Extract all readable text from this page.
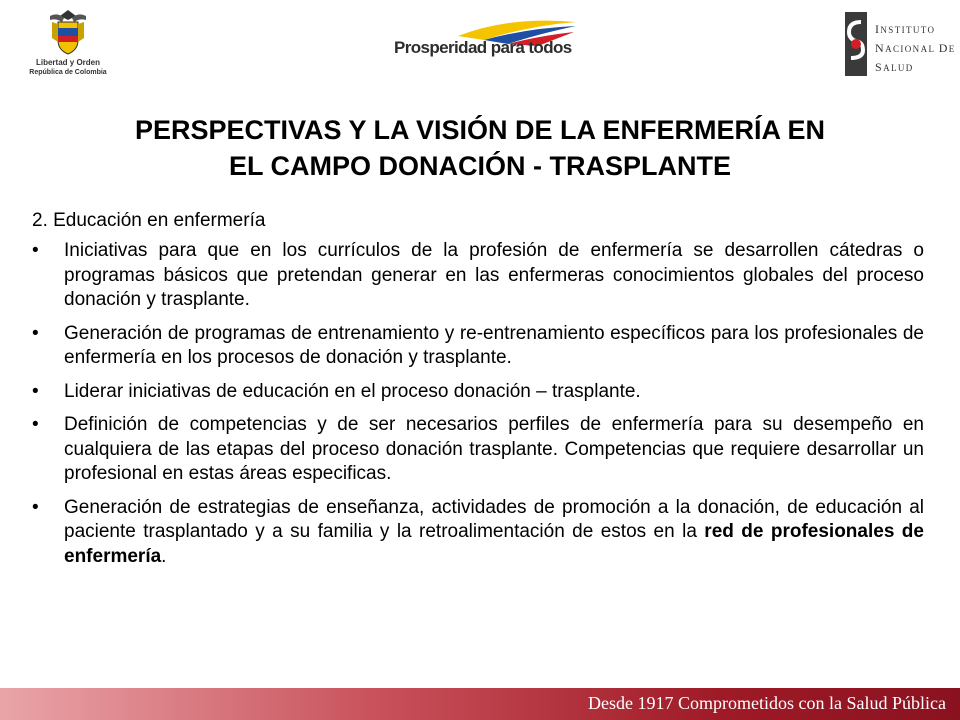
Libertad y Orden
República de Colombia
Prosperidad para todos
INSTITUTO
NACIONAL DE
SALUD
PERSPECTIVAS Y LA VISIÓN DE LA ENFERMERÍA EN
EL CAMPO DONACIÓN - TRASPLANTE
2. Educación en enfermería
• Iniciativas para que en los currículos de la profesión de enfermería se desarrollen cátedras o programas básicos que pretendan generar en las enfermeras conocimientos globales del proceso donación y trasplante.
• Generación de programas de entrenamiento y re-entrenamiento específicos para los profesionales de enfermería en los procesos de donación y trasplante.
• Liderar iniciativas de educación en el proceso donación – trasplante.
• Definición de competencias y de ser necesarios perfiles de enfermería para su desempeño en cualquiera de las etapas del proceso donación trasplante. Competencias que requiere desarrollar un profesional en estas áreas especificas.
• Generación de estrategias de enseñanza, actividades de promoción a la donación, de educación al paciente trasplantado y a su familia y la retroalimentación de estos en la red de profesionales de enfermería.
Desde 1917 Comprometidos con la Salud Pública
